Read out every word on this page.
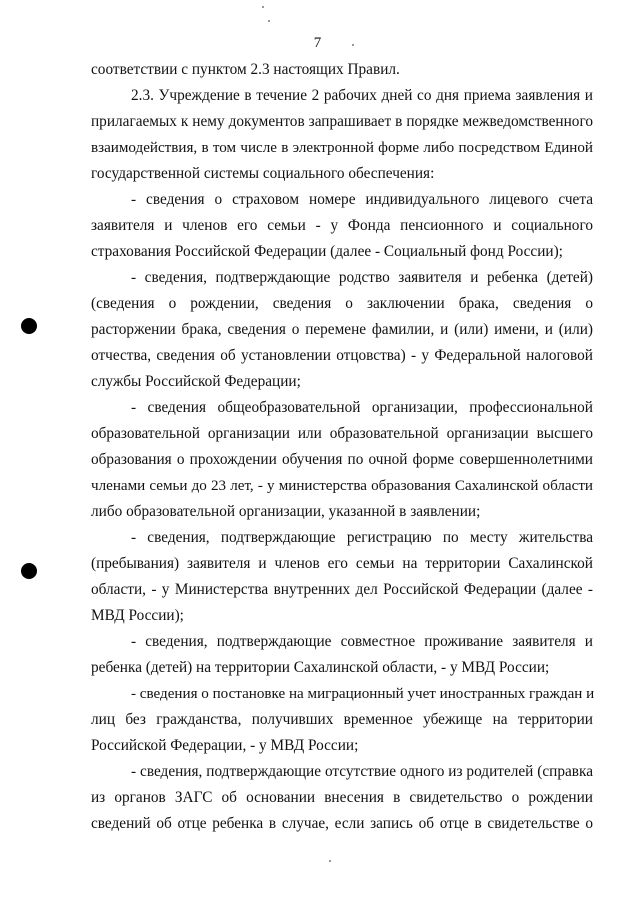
7
соответствии с пунктом 2.3 настоящих Правил.
2.3. Учреждение в течение 2 рабочих дней со дня приема заявления и
прилагаемых к нему документов запрашивает в порядке межведомственного
взаимодействия, в том числе в электронной форме либо посредством Единой
государственной системы социального обеспечения:
- сведения о страховом номере индивидуального лицевого счета
заявителя и членов его семьи - у Фонда пенсионного и социального
страхования Российской Федерации (далее - Социальный фонд России);
- сведения, подтверждающие родство заявителя и ребенка (детей)
(сведения о рождении, сведения о заключении брака, сведения о
расторжении брака, сведения о перемене фамилии, и (или) имени, и (или)
отчества, сведения об установлении отцовства) - у Федеральной налоговой
службы Российской Федерации;
- сведения общеобразовательной организации, профессиональной
образовательной организации или образовательной организации высшего
образования о прохождении обучения по очной форме совершеннолетними
членами семьи до 23 лет, - у министерства образования Сахалинской области
либо образовательной организации, указанной в заявлении;
- сведения, подтверждающие регистрацию по месту жительства
(пребывания) заявителя и членов его семьи на территории Сахалинской
области, - у Министерства внутренних дел Российской Федерации (далее -
МВД России);
- сведения, подтверждающие совместное проживание заявителя и
ребенка (детей) на территории Сахалинской области, - у МВД России;
- сведения о постановке на миграционный учет иностранных граждан и
лиц без гражданства, получивших временное убежище на территории
Российской Федерации, - у МВД России;
- сведения, подтверждающие отсутствие одного из родителей (справка
из органов ЗАГС об основании внесения в свидетельство о рождении
сведений об отце ребенка в случае, если запись об отце в свидетельстве о
